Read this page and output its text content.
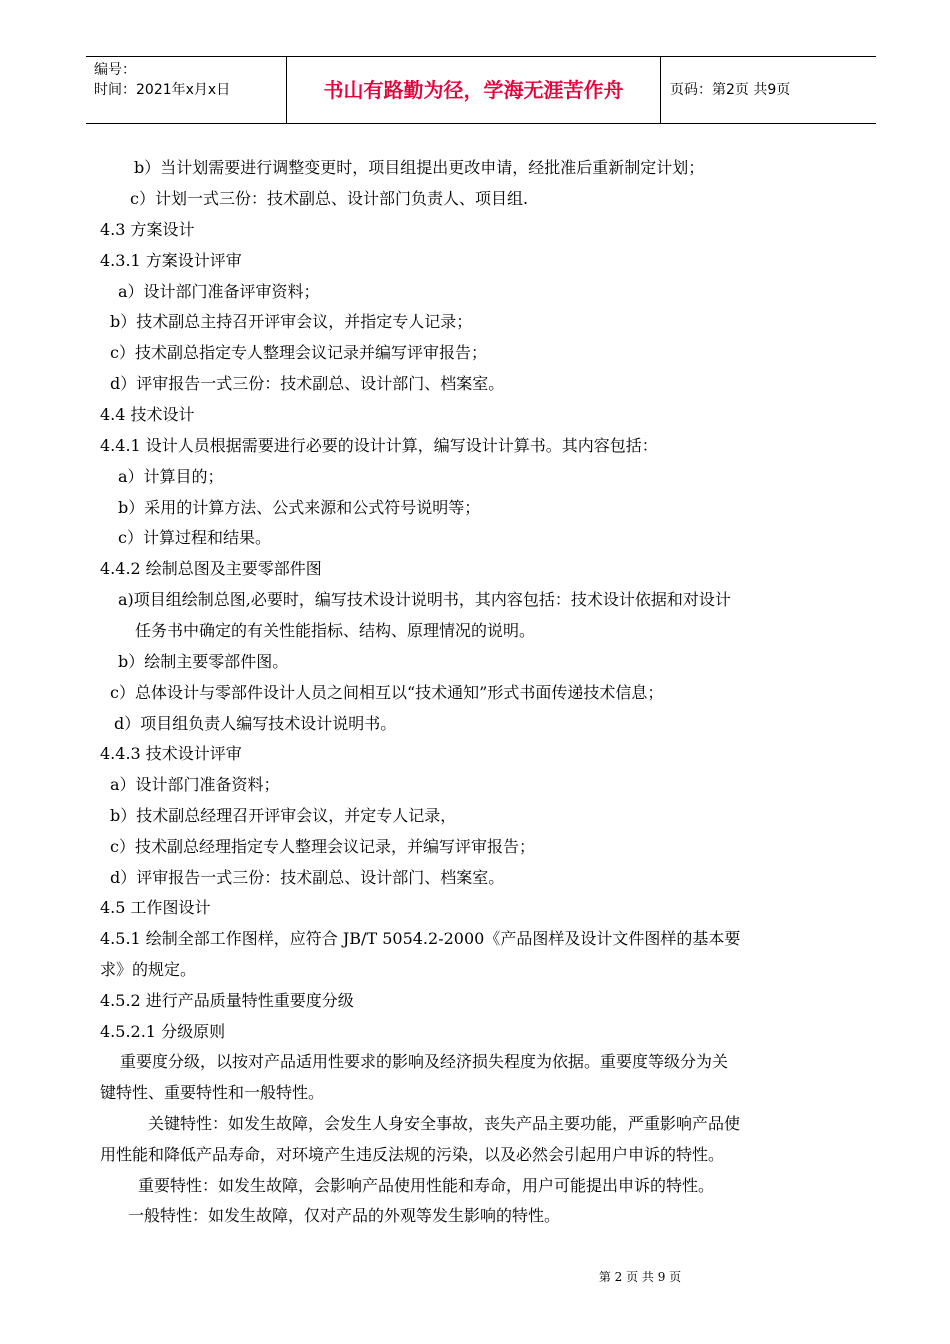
编号：
时间：2021年x月x日	书山有路勤为径，学海无涯苦作舟	页码：第2页 共9页
b）当计划需要进行调整变更时，项目组提出更改申请，经批准后重新制定计划；
c）计划一式三份：技术副总、设计部门负责人、项目组.
4.3 方案设计
4.3.1 方案设计评审
a）设计部门准备评审资料；
b）技术副总主持召开评审会议，并指定专人记录；
c）技术副总指定专人整理会议记录并编写评审报告；
d）评审报告一式三份：技术副总、设计部门、档案室。
4.4 技术设计
4.4.1 设计人员根据需要进行必要的设计计算，编写设计计算书。其内容包括：
a）计算目的；
b）采用的计算方法、公式来源和公式符号说明等；
c）计算过程和结果。
4.4.2 绘制总图及主要零部件图
a)项目组绘制总图,必要时，编写技术设计说明书，其内容包括：技术设计依据和对设计
任务书中确定的有关性能指标、结构、原理情况的说明。
b）绘制主要零部件图。
c）总体设计与零部件设计人员之间相互以“技术通知”形式书面传递技术信息；
d）项目组负责人编写技术设计说明书。
4.4.3 技术设计评审
a）设计部门准备资料；
b）技术副总经理召开评审会议，并定专人记录，
c）技术副总经理指定专人整理会议记录，并编写评审报告；
d）评审报告一式三份：技术副总、设计部门、档案室。
4.5 工作图设计
4.5.1 绘制全部工作图样，应符合 JB/T 5054.2-2000《产品图样及设计文件图样的基本要
求》的规定。
4.5.2 进行产品质量特性重要度分级
4.5.2.1 分级原则
重要度分级，以按对产品适用性要求的影响及经济损失程度为依据。重要度等级分为关
键特性、重要特性和一般特性。
关键特性：如发生故障，会发生人身安全事故，丧失产品主要功能，严重影响产品使
用性能和降低产品寿命，对环境产生违反法规的污染，以及必然会引起用户申诉的特性。
重要特性：如发生故障，会影响产品使用性能和寿命，用户可能提出申诉的特性。
一般特性：如发生故障，仅对产品的外观等发生影响的特性。
第 2 页 共 9 页
